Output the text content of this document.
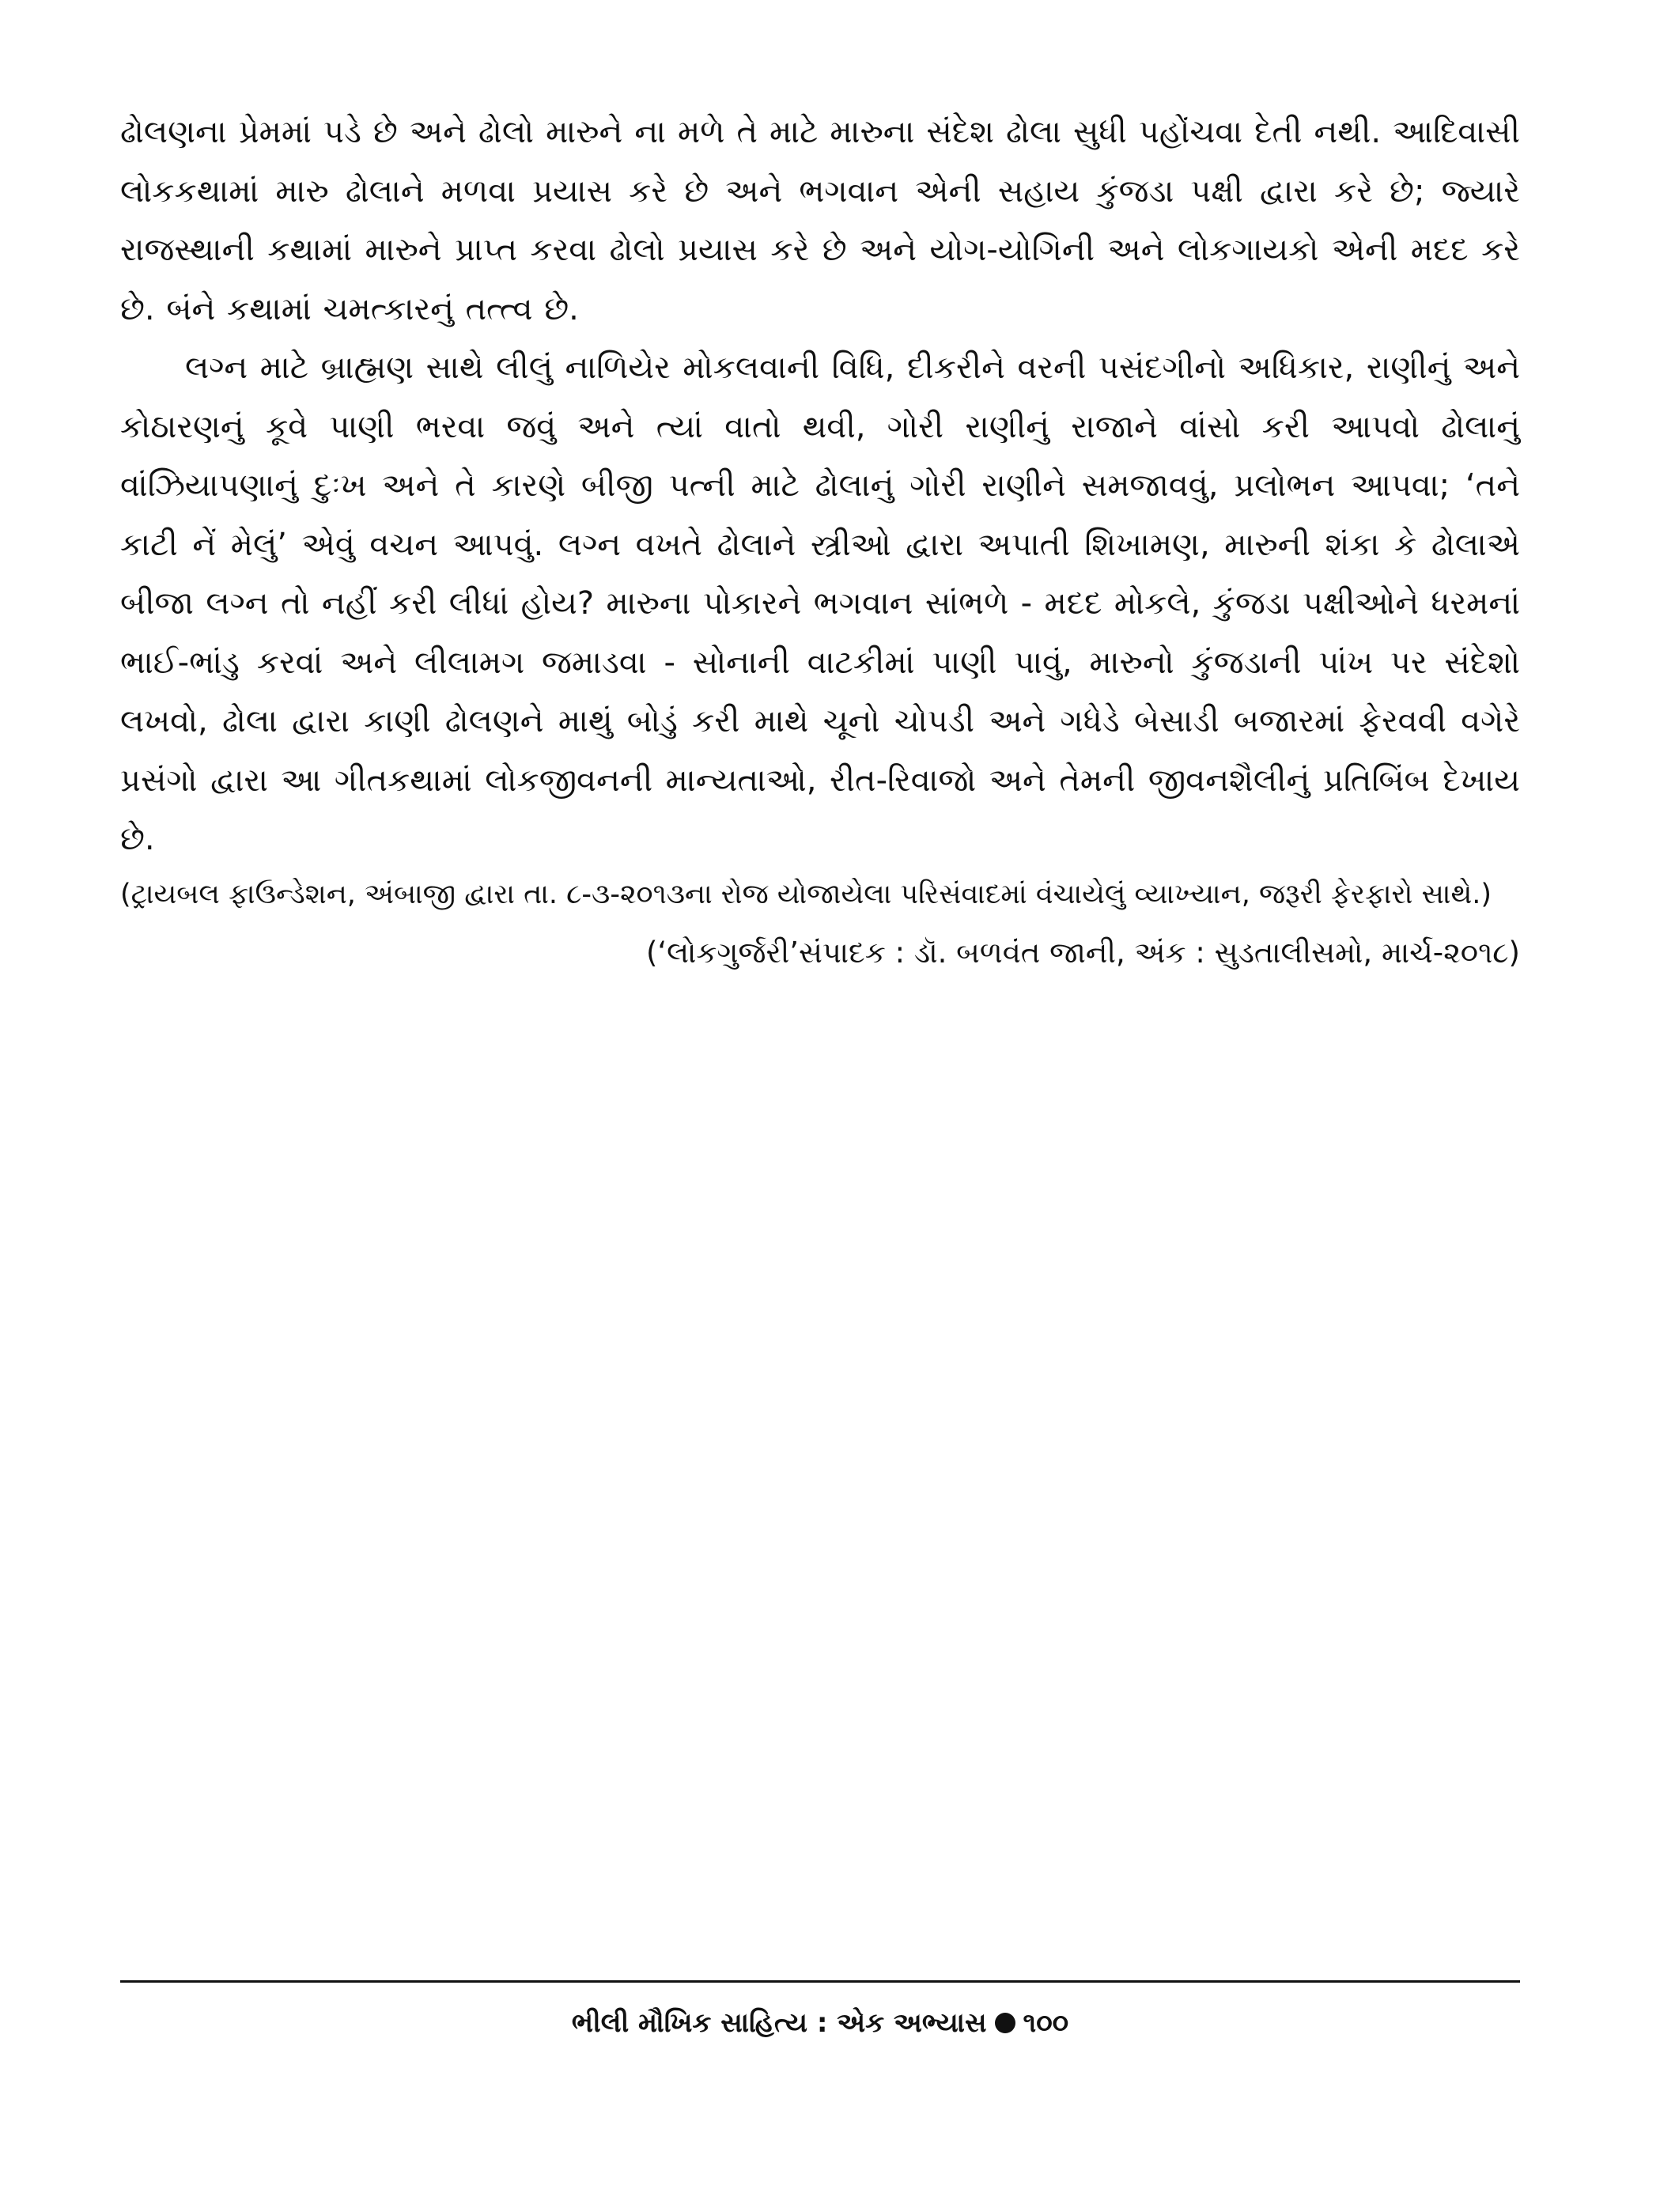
ઢોલણના પ્રેમમાં પડે છે અને ઢોલો મારુને ના મળે તે માટે મારુના સંદેશ ઢોલા સુધી પહોંચવા દેતી નથી. આદિવાસી લોકકથામાં મારુ ઢોલાને મળવા પ્રયાસ કરે છે અને ભગવાન એની સહાય કુંજડા પક્ષી દ્વારા કરે છે; જ્યારે રાજસ્થાની કથામાં મારુને પ્રાપ્ત કરવા ઢોલો પ્રયાસ કરે છે અને યોગ-યોગિની અને લોકગાયકો એની મદદ કરે છે. બંને કથામાં ચમત્કારનું તત્ત્વ છે.

લગ્ન માટે બ્રાહ્મણ સાથે લીલું નાળિયેર મોકલવાની વિધિ, દીકરીને વરની પસંદગીનો અધિકાર, રાણીનું અને કોઠારણનું કૂવે પાણી ભરવા જવું અને ત્યાં વાતો થવી, ગોરી રાણીનું રાજાને વાંસો કરી આપવો ઢોલાનું વાંઝિયાપણાનું દુઃખ અને તે કારણે બીજી પત્ની માટે ઢોલાનું ગોરી રાણીને સમજાવવું, પ્રલોભન આપવા; ‘તને કાટી નેં મેલું’ એવું વચન આપવું. લગ્ન વખતે ઢોલાને સ્ત્રીઓ દ્વારા અપાતી શિખામણ, મારુની શંકા કે ઢોલાએ બીજા લગ્ન તો નહીં કરી લીધાં હોય? મારુના પોકારને ભગવાન સાંભળે - મદદ મોકલે, કુંજડા પક્ષીઓને ધરમનાં ભાઈ-ભાંડુ કરવાં અને લીલામગ જમાડવા - સોનાની વાટકીમાં પાણી પાવું, મારુનો કુંજડાની પાંખ પર સંદેશો લખવો, ઢોલા દ્વારા કાણી ઢોલણને માથું બોડું કરી માથે ચૂનો ચોપડી અને ગધેડે બેસાડી બજારમાં ફેરવવી વગેરે પ્રસંગો દ્વારા આ ગીતકથામાં લોકજીવનની માન્યતાઓ, રીત-રિવાજો અને તેમની જીવનશૈલીનું પ્રતિબિંબ દેખાય છે.

(ટ્રાયબલ ફાઉન્ડેશન, અંબાજી દ્વારા તા. ૮-૩-૨૦૧૩ના રોજ યોજાયેલા પરિસંવાદમાં વંચાયેલું વ્યાખ્યાન, જરૂરી ફેરફારો સાથે.)

(‘લોકગુર્જરી’સંપાદક : ડૉ. બળવંત જાની, અંક : સુડતાલીસમો, માર્ચ-૨૦૧૮)

ભીલી મૌખિક સાહિત્ય : એક અભ્યાસ ૧૦૦
